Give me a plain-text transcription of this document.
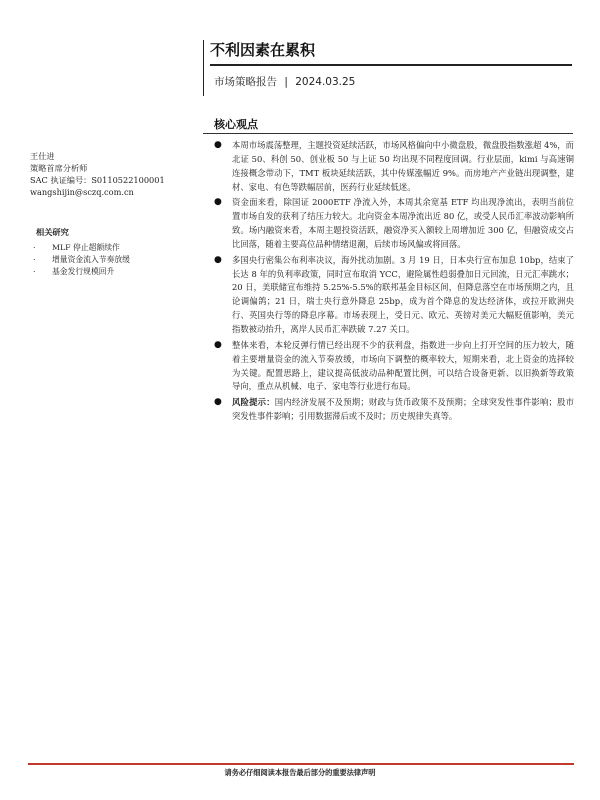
不利因素在累积
市场策略报告 | 2024.03.25
核心观点
王仕进
策略首席分析师
SAC 执证编号：S0110522100001
wangshijin@sczq.com.cn
相关研究
· MLF 停止超额续作
· 增量资金流入节奏放缓
· 基金发行规模回升
● 本周市场震荡整理，主题投资延续活跃，市场风格偏向中小微盘股，微盘股指数涨超 4%，而北证 50、科创 50、创业板 50 与上证 50 均出现不同程度回调。行业层面，kimi 与高速铜连接概念带动下，TMT 板块延续活跃，其中传媒涨幅近 9%。而房地产产业链出现调整，建材、家电、有色等跌幅居前，医药行业延续低迷。
● 资金面来看，除国证 2000ETF 净流入外，本周其余宽基 ETF 均出现净流出，表明当前位置市场自发的获利了结压力较大。北向资金本周净流出近 80 亿，或受人民币汇率波动影响所致。场内融资来看，本周主题投资活跃，融资净买入额较上周增加近 300 亿，但融资成交占比回落，随着主要高位品种情绪退潮，后续市场风偏或将回落。
● 多国央行密集公布利率决议，海外扰动加剧。3 月 19 日，日本央行宣布加息 10bp，结束了长达 8 年的负利率政策，同时宣布取消 YCC，避险属性趋弱叠加日元回流，日元汇率跳水；20 日，美联储宣布维持 5.25%-5.5%的联邦基金目标区间，但降息落空在市场预期之内，且论调偏鸽；21 日，瑞士央行意外降息 25bp，成为首个降息的发达经济体，或拉开欧洲央行、英国央行等的降息序幕。市场表现上，受日元、欧元、英镑对美元大幅贬值影响，美元指数被动抬升，离岸人民币汇率跌破 7.27 关口。
● 整体来看，本轮反弹行情已经出现不少的获利盘，指数进一步向上打开空间的压力较大，随着主要增量资金的流入节奏放缓，市场向下调整的概率较大，短期来看，北上资金的选择较为关键。配置思路上，建议提高低波动品种配置比例，可以结合设备更新、以旧换新等政策导向，重点从机械、电子、家电等行业进行布局。
● 风险提示：国内经济发展不及预期；财政与货币政策不及预期；全球突发性事件影响；股市突发性事件影响；引用数据滞后或不及时；历史规律失真等。
请务必仔细阅读本报告最后部分的重要法律声明
